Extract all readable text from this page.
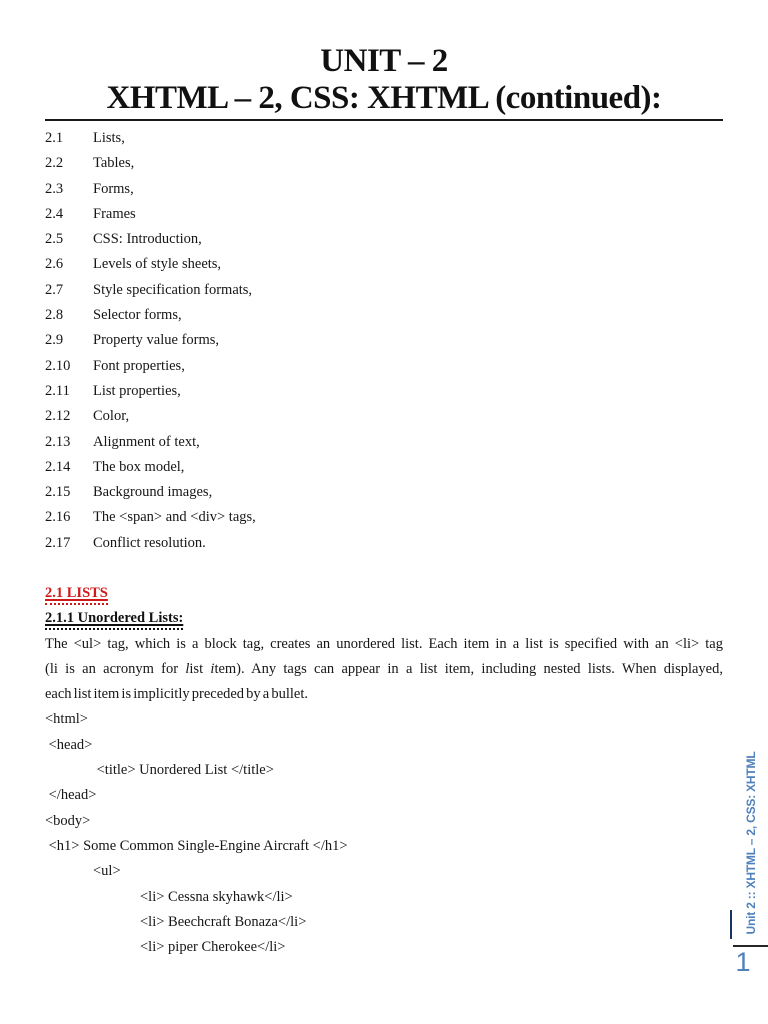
UNIT – 2
XHTML – 2, CSS: XHTML (continued):
2.1	Lists,
2.2	Tables,
2.3	Forms,
2.4	Frames
2.5	CSS: Introduction,
2.6	Levels of style sheets,
2.7	Style specification formats,
2.8	Selector forms,
2.9	Property value forms,
2.10	Font properties,
2.11	List properties,
2.12	Color,
2.13	Alignment of text,
2.14	The box model,
2.15	Background images,
2.16	The <span> and <div> tags,
2.17	Conflict resolution.
2.1 LISTS
2.1.1 Unordered Lists:
The <ul> tag, which is a block tag, creates an unordered list. Each item in a list is specified with an <li> tag
(li is an acronym for list item). Any tags can appear in a list item, including nested lists. When displayed,
each list item is implicitly preceded by a bullet.
<html>
<head>
<title> Unordered List </title>
</head>
<body>
<h1> Some Common Single-Engine Aircraft </h1>
<ul>
<li> Cessna skyhawk</li>
<li> Beechcraft Bonaza</li>
<li> piper Cherokee</li>
Unit 2 :: XHTML – 2, CSS: XHTML
1
